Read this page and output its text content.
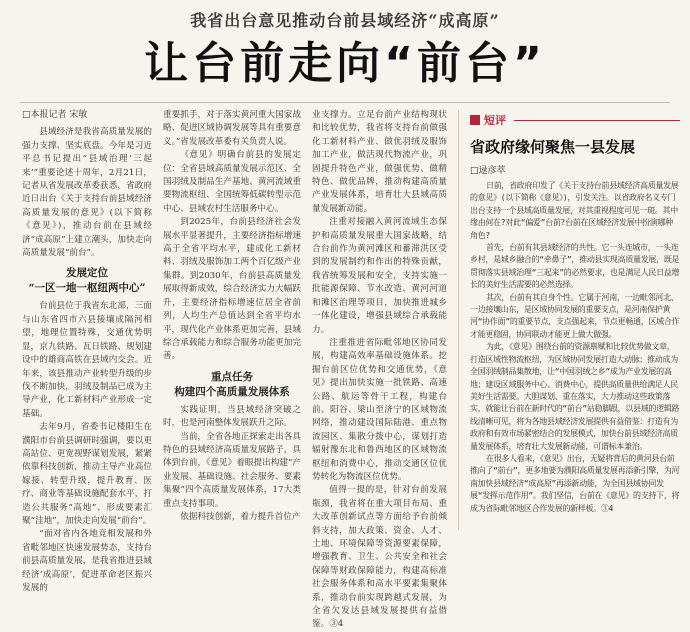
我省出台意见推动台前县域经济“成高原”
让台前走向“前台”
□本报记者 宋敏

县域经济是我省高质量发展的强力支撑、坚实底盘。今年是习近平总书记提出“县域治理‘三起来’”重要论述十周年，2月21日，记者从省发展改革委获悉，省政府近日出台《关于支持台前县域经济高质量发展的意见》(以下简称《意见》)，推动台前在县域经济“成高原”上建立潮头，加快走向高质量发展“前台”。

发展定位
“一区一地一枢纽两中心”

台前县位于我省东北部，三面与山东省四市六县接壤成隔河相望，地理位置特殊，交通优势明显，京九铁路、瓦日铁路、规划建设中的雄商高铁在县域内交会。近年来，该县推动产业转型升级的步伐不断加快，羽绒及制品已成为主导产业，化工新材料产业形成一定基础。

去年9月，省委书记楼阳生在濮阳市台前县调研时强调，要以更高站位、更宽视野谋划发展，紧紧依靠科技创新，推动主导产业高位嫁接、转型升级，提升教育、医疗、商业等基础设施配套水平，打造公共服务“高地”、形成要素汇聚“洼地”，加快走向发展“前台”。

“面对省内各地竞相发展和外省毗邻地区快速发展势态，支持台前县高质量发展，是我省推进县域经济‘成高原’，促进革命老区振兴发展的

重要抓手，对于落实黄河重大国家战略、促进区域协调发展等具有重要意义。”省发展改革委有关负责人说。

《意见》明确台前县的发展定位：全省县域高质量发展示范区、全国羽绒及制品生产基地、黄河流域重要物流枢纽、全国统筹低碳转型示范中心、县域农村生活服务中心。

到2025年，台前县经济社会发展水平显著提升，主要经济指标增速高于全省平均水平，建成化工新材料、羽绒及服饰加工两个百亿级产业集群。到2030年，台前县高质量发展取得新成效，综合经济实力大幅跃升，主要经济指标增速位居全省前列，人均生产总值达到全省平均水平，现代化产业体系更加完善，县域综合承载能力和综合服务功能更加完善。

重点任务
构建四个高质量发展体系

实践证明，当县域经济突破之时，也是河南整体发展跃升之际。

当前，全省各地正探索走出各具特色的县域经济高质量发展路子，具体到台前，《意见》着眼提出构建“产业发展、基础设施、社会服务、要素集聚”四个高质量发展体系，17大类重点支持事项。

依据科技创新，着力提升首位产

业支撑力。立足台前产业结构现状和比较优势，我省将支持台前做强化工新材料产业、做优羽绒及服饰加工产业，做活现代物流产业，巩固提升特色产业，做强优势、做精特色、做优品牌，推动构建高质量产业发展体系，培育壮大县域高质量发展新动能。

注重对接融入黄河流域生态保护和高质量发展重大国家战略，结合台前作为黄河滩区和蓄滞洪区受到的发展制约和作出的特殊贡献，我省统筹发展和安全，支持实施一批能源保障、节水改造、黄河河道和滩区治理等项目，加快推进城乡一体化建设，增强县域综合承载能力。

注重推进省际毗邻地区协同发展，构建高效率基础设施体系。挖掘台前区位优势和交通优势，《意见》提出加快实施一批铁路、高速公路、航运等骨干工程，构建台前、阳谷、梁山至济宁的区域物流网络，推动建设国际陆港、重点物流园区、集散分拨中心，谋划打造辐射豫东北和鲁西地区的区域物流枢纽和消费中心，推动交通区位优势转化为物流区位优势。

值得一提的是，针对台前发展瓶颈，我省将在重大项目布局、重大改革创新试点等方面给予台前倾斜支持，加大政策、资金、人才、土地、环境保障等资源要素保障，增强教育、卫生、公共安全和社会保障等财政保障能力，构建高标准社会服务体系和高水平要素集聚体系，推动台前实现跨越式发展，为全省欠发达县域发展提供有益借鉴。③4

短评
省政府缘何聚焦一县发展
□逯彦萃

日前，省政府印发了《关于支持台前县域经济高质量发展的意见》(以下简称《意见》)，引发关注。以省政府名义专门出台支持一个县域高质量发展，对其重视程度可见一斑。其中缘由何在?对此“偏爱”台前?台前在区域经济发展中扮演哪种角色?

首先，台前有其县域经济的共性。它一头连城市，一头连乡村，是城乡融合的“牵鼻子”，推动县实现高质量发展，既是贯彻落实县域治理“三起来”的必然要求，也是满足人民日益增长的美好生活需要的必然选择。

其次，台前有其自身个性。它属于河南，一边毗邻河北、一边接壤山东，是区域协同发展的重要支点，是河南保护黄河“协作面”的重要节点，支点强起来，节点更畅通，区域合作才能更稳固，协同联动才能更上做大做强。

为此，《意见》围绕台前的资源禀赋和比较优势做文章，打造区域性物流枢纽，为区域协同发展打造大动脉；推动成为全国羽绒制品集散地，让“中国羽绒之乡”成为产业发展的高地；建设区域服务中心、消费中心，提供高质量供给满足人民美好生活需要。大胆谋划、重在落实，大力推动这些政策落实，就能让台前在新时代的“前台”站稳脚跟，以县域的逻辑路线清晰可见，将为各地县域经济发展提供有益借鉴：打造有为政府和有效市场紧密结合的发展模式，加快台前县域经济高质量发展体系，培育壮大发展新动能，可谓标本兼治。

在很多人看来，《意见》出台，无疑将背后的黄河县台前推向了“前台”，更多地要为濮阳高质量发展再添新引擎，为河南加快县域经济“成高原”再添新动能，为全国县域协同发展“发挥示范作用”。我们坚信，台前在《意见》的支持下，将成为省际毗邻地区合作发展的新样板。③4
